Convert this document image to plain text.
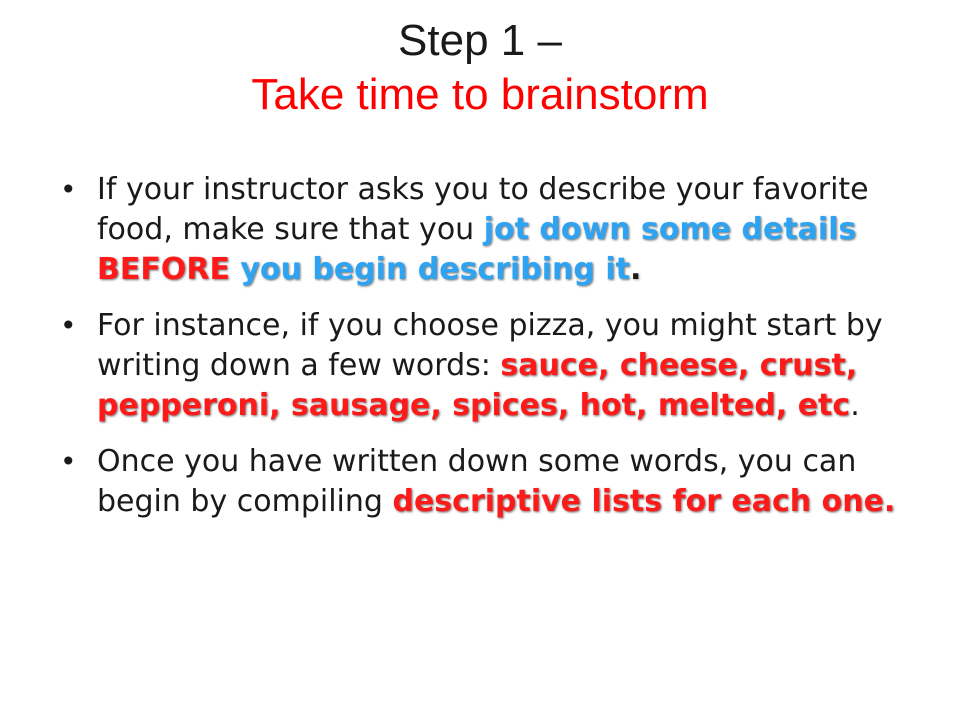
Step 1 –
Take time to brainstorm
• If your instructor asks you to describe your favorite food, make sure that you jot down some details BEFORE you begin describing it.
• For instance, if you choose pizza, you might start by writing down a few words: sauce, cheese, crust, pepperoni, sausage, spices, hot, melted, etc.
• Once you have written down some words, you can begin by compiling descriptive lists for each one.
